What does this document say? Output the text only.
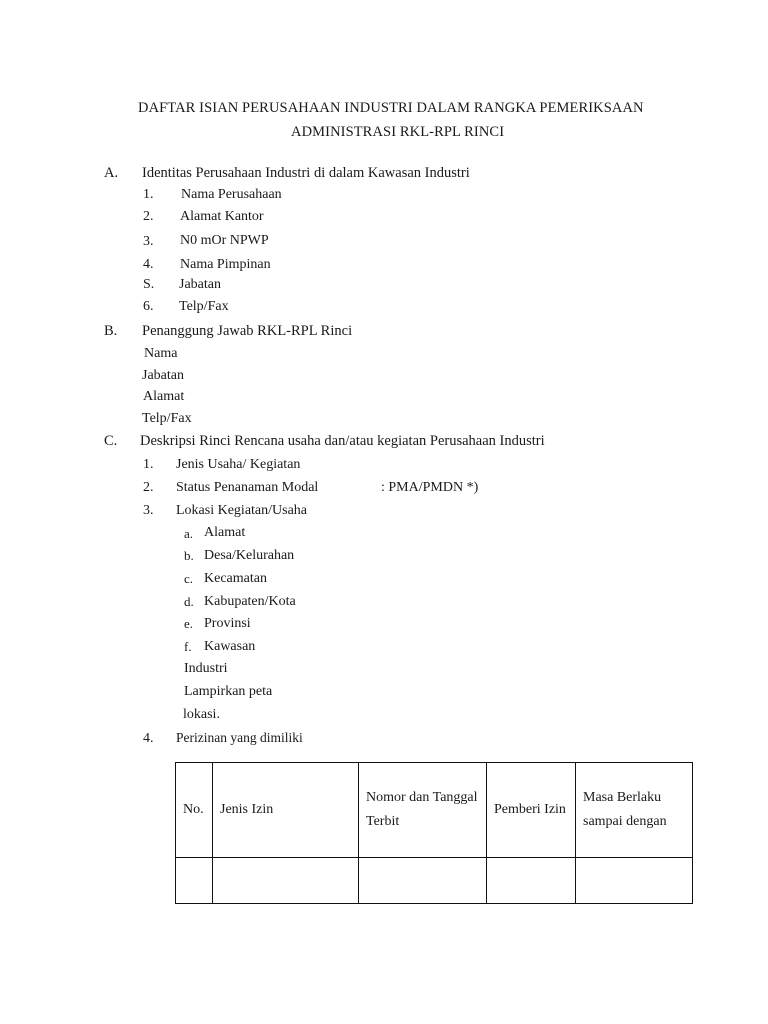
DAFTAR ISIAN PERUSAHAAN INDUSTRI DALAM RANGKA PEMERIKSAAN
ADMINISTRASI RKL-RPL RINCI
A. Identitas Perusahaan Industri di dalam Kawasan Industri
1. Nama Perusahaan
2. Alamat Kantor
3. N0 mOr NPWP
4. Nama Pimpinan
S. Jabatan
6. Telp/Fax
B. Penanggung Jawab RKL-RPL Rinci
Nama
Jabatan
Alamat
Telp/Fax
C. Deskripsi Rinci Rencana usaha dan/atau kegiatan Perusahaan Industri
1. Jenis Usaha/ Kegiatan
2. Status Penanaman Modal	: PMA/PMDN *)
3. Lokasi Kegiatan/Usaha
a. Alamat
b. Desa/Kelurahan
c. Kecamatan
d. Kabupaten/Kota
e. Provinsi
f. Kawasan
Industri
Lampirkan peta
lokasi.
4. Perizinan yang dimiliki
No.	Jenis Izin	Nomor dan Tanggal Terbit	Pemberi Izin	Masa Berlaku sampai dengan
